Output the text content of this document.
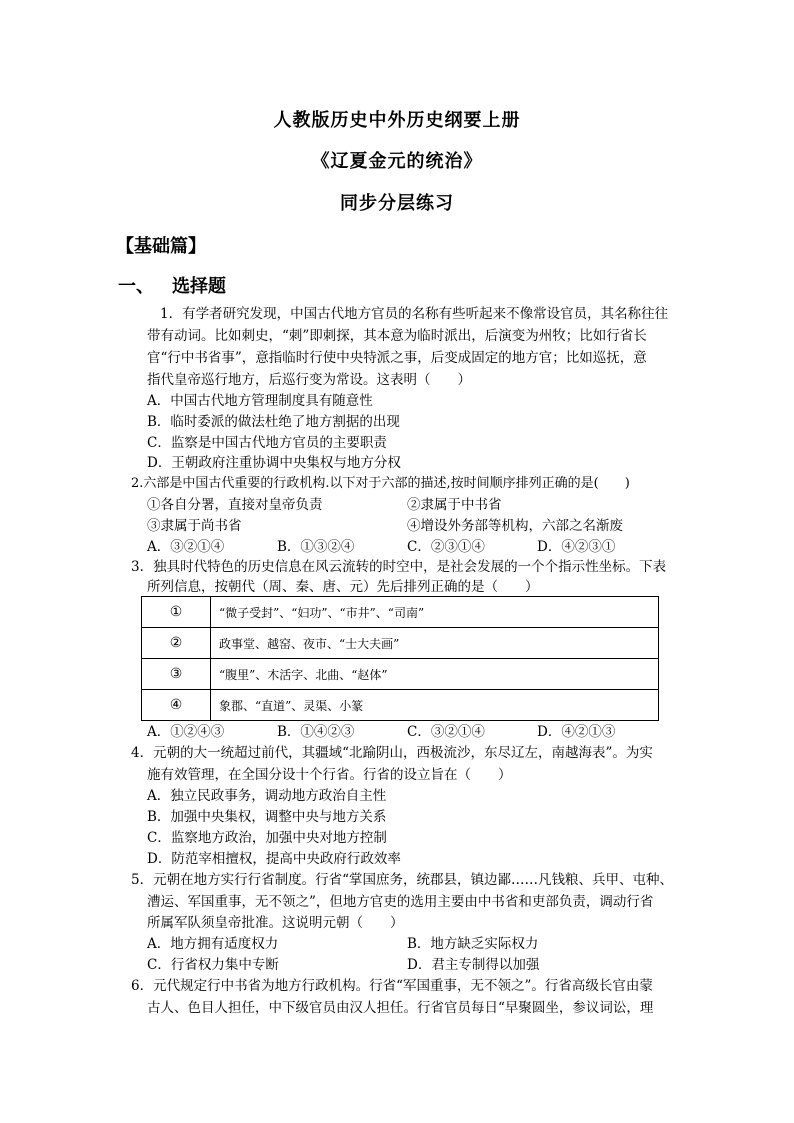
人教版历史中外历史纲要上册
《辽夏金元的统治》
同步分层练习
【基础篇】
一、 选择题
1．有学者研究发现，中国古代地方官员的名称有些听起来不像常设官员，其名称往往
带有动词。比如刺史，“刺”即刺探，其本意为临时派出，后演变为州牧；比如行省长
官“行中书省事”，意指临时行使中央特派之事，后变成固定的地方官；比如巡抚，意
指代皇帝巡行地方，后巡行变为常设。这表明（　　）
A．中国古代地方管理制度具有随意性
B．临时委派的做法杜绝了地方割据的出现
C．监察是中国古代地方官员的主要职责
D．王朝政府注重协调中央集权与地方分权
2.六部是中国古代重要的行政机构.以下对于六部的描述,按时间顺序排列正确的是(　　)
①各自分署，直接对皇帝负责	②隶属于中书省
③隶属于尚书省	④增设外务部等机构，六部之名渐废
A．③②①④	B．①③②④	C．②③①④	D．④②③①
3．独具时代特色的历史信息在风云流转的时空中，是社会发展的一个个指示性坐标。下表
所列信息，按朝代（周、秦、唐、元）先后排列正确的是（　　）
①	“微子受封”、“妇功”、“市井”、“司南”
②	政事堂、越窑、夜市、“士大夫画”
③	“腹里”、木活字、北曲、“赵体”
④	象郡、“直道”、灵渠、小篆
A．①②④③	B．①④②③	C．③②①④	D．④②①③
4．元朝的大一统超过前代，其疆域“北踰阴山，西极流沙，东尽辽左，南越海表”。为实
施有效管理，在全国分设十个行省。行省的设立旨在（　　）
A．独立民政事务，调动地方政治自主性
B．加强中央集权，调整中央与地方关系
C．监察地方政治，加强中央对地方控制
D．防范宰相擅权，提高中央政府行政效率
5．元朝在地方实行行省制度。行省“掌国庶务，统郡县，镇边鄙……凡钱粮、兵甲、屯种、
漕运、军国重事，无不领之”，但地方官吏的选用主要由中书省和吏部负责，调动行省
所属军队须皇帝批准。这说明元朝（　　）
A．地方拥有适度权力	B．地方缺乏实际权力
C．行省权力集中专断	D．君主专制得以加强
6．元代规定行中书省为地方行政机构。行省“军国重事，无不领之”。行省高级长官由蒙
古人、色目人担任，中下级官员由汉人担任。行省官员每日“早聚圆坐，参议词讼，理
